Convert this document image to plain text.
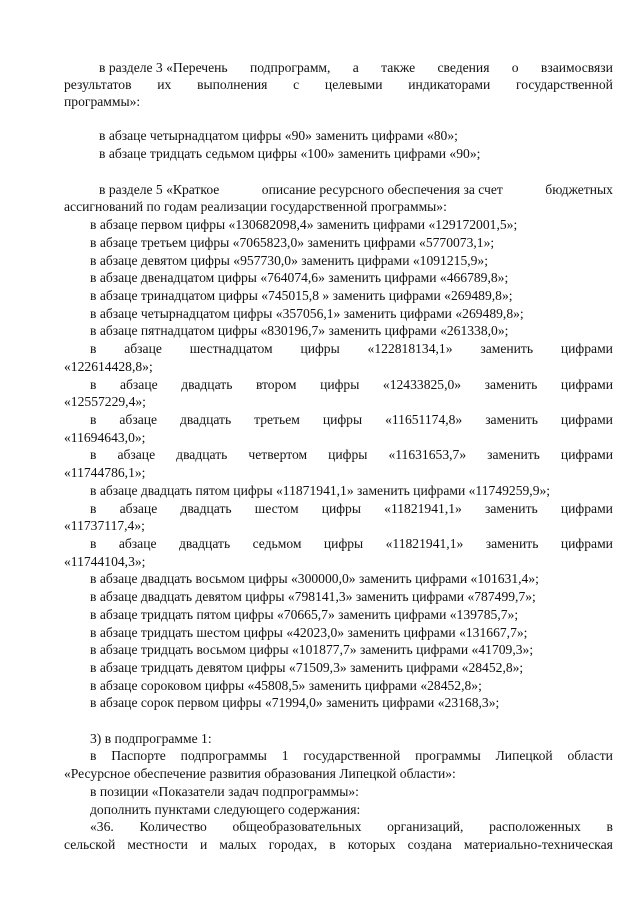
в разделе 3 «Перечень подпрограмм, а также сведения о взаимосвязи
результатов их выполнения с целевыми индикаторами государственной
программы»:
в абзаце четырнадцатом цифры «90» заменить цифрами «80»;
в абзаце тридцать седьмом цифры «100» заменить цифрами «90»;
в разделе 5 «Краткое	описание ресурсного обеспечения за счет	бюджетных
ассигнований по годам реализации государственной программы»:
в абзаце первом цифры «130682098,4» заменить цифрами «129172001,5»;
в абзаце третьем цифры «7065823,0» заменить цифрами «5770073,1»;
в абзаце девятом цифры «957730,0» заменить цифрами «1091215,9»;
в абзаце двенадцатом цифры «764074,6» заменить цифрами «466789,8»;
в абзаце тринадцатом цифры «745015,8 » заменить цифрами «269489,8»;
в абзаце четырнадцатом цифры «357056,1» заменить цифрами «269489,8»;
в абзаце пятнадцатом цифры «830196,7» заменить цифрами «261338,0»;
в абзаце шестнадцатом цифры «122818134,1» заменить цифрами
«122614428,8»;
в абзаце двадцать втором цифры «12433825,0» заменить цифрами
«12557229,4»;
в абзаце двадцать третьем цифры «11651174,8» заменить цифрами
«11694643,0»;
в абзаце двадцать четвертом цифры «11631653,7» заменить цифрами
«11744786,1»;
в абзаце двадцать пятом цифры «11871941,1» заменить цифрами «11749259,9»;
в абзаце двадцать шестом цифры «11821941,1» заменить цифрами
«11737117,4»;
в абзаце двадцать седьмом цифры «11821941,1» заменить цифрами
«11744104,3»;
в абзаце двадцать восьмом цифры «300000,0» заменить цифрами «101631,4»;
в абзаце двадцать девятом цифры «798141,3» заменить цифрами «787499,7»;
в абзаце тридцать пятом цифры «70665,7» заменить цифрами «139785,7»;
в абзаце тридцать шестом цифры «42023,0» заменить цифрами «131667,7»;
в абзаце тридцать восьмом цифры «101877,7» заменить цифрами «41709,3»;
в абзаце тридцать девятом цифры «71509,3» заменить цифрами «28452,8»;
в абзаце сороковом цифры «45808,5» заменить цифрами «28452,8»;
в абзаце сорок первом цифры «71994,0» заменить цифрами «23168,3»;
3) в подпрограмме 1:
в Паспорте подпрограммы 1 государственной программы Липецкой области
«Ресурсное обеспечение развития образования Липецкой области»:
в позиции «Показатели задач подпрограммы»:
дополнить пунктами следующего содержания:
«36. Количество общеобразовательных организаций, расположенных в
сельской местности и малых городах, в которых создана материально-техническая
